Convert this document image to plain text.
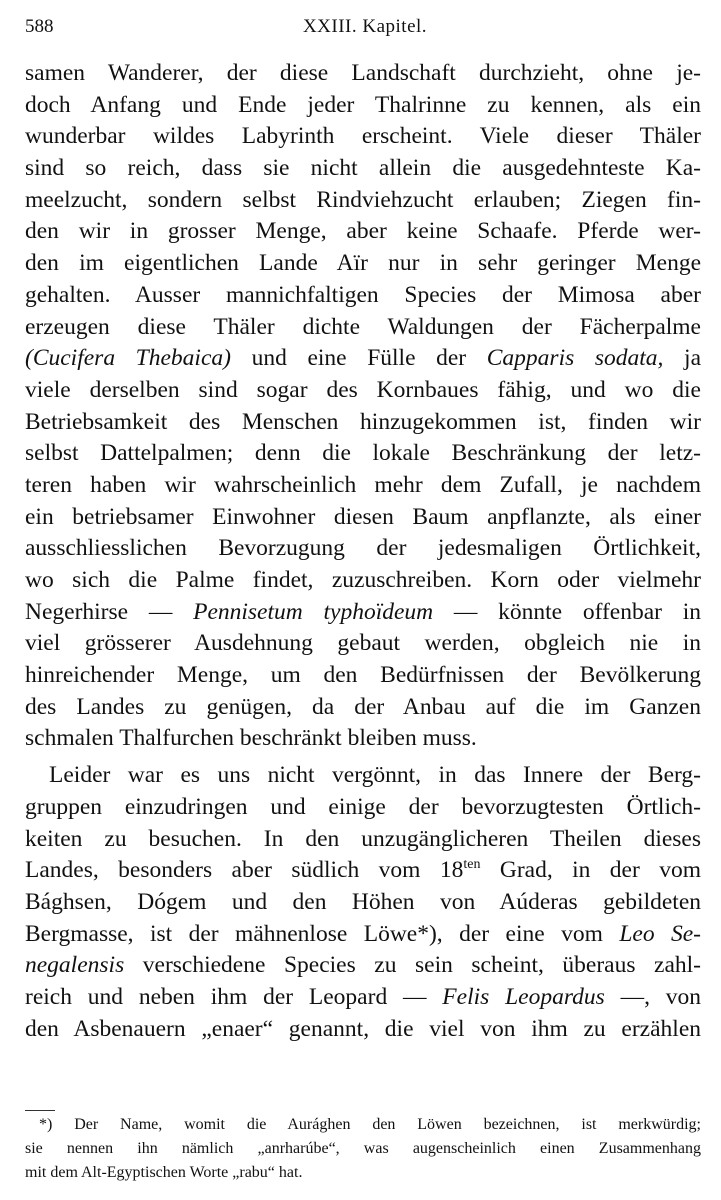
588	XXIII. Kapitel.

samen Wanderer, der diese Landschaft durchzieht, ohne je-
doch Anfang und Ende jeder Thalrinne zu kennen, als ein
wunderbar wildes Labyrinth erscheint. Viele dieser Thäler
sind so reich, dass sie nicht allein die ausgedehnteste Ka-
meelzucht, sondern selbst Rindviehzucht erlauben; Ziegen fin-
den wir in grosser Menge, aber keine Schaafe. Pferde wer-
den im eigentlichen Lande Aïr nur in sehr geringer Menge
gehalten. Ausser mannichfaltigen Species der Mimosa aber
erzeugen diese Thäler dichte Waldungen der Fächerpalme
(Cucifera Thebaica) und eine Fülle der Capparis sodata, ja
viele derselben sind sogar des Kornbaues fähig, und wo die
Betriebsamkeit des Menschen hinzugekommen ist, finden wir
selbst Dattelpalmen; denn die lokale Beschränkung der letz-
teren haben wir wahrscheinlich mehr dem Zufall, je nachdem
ein betriebsamer Einwohner diesen Baum anpflanzte, als einer
ausschliesslichen Bevorzugung der jedesmaligen Örtlichkeit,
wo sich die Palme findet, zuzuschreiben. Korn oder vielmehr
Negerhirse — Pennisetum typhoïdeum — könnte offenbar in
viel grösserer Ausdehnung gebaut werden, obgleich nie in
hinreichender Menge, um den Bedürfnissen der Bevölkerung
des Landes zu genügen, da der Anbau auf die im Ganzen
schmalen Thalfurchen beschränkt bleiben muss.

Leider war es uns nicht vergönnt, in das Innere der Berg-
gruppen einzudringen und einige der bevorzugtesten Örtlich-
keiten zu besuchen. In den unzugänglicheren Theilen dieses
Landes, besonders aber südlich vom $18^{ten}$ Grad, in der vom
Bághsen, Dógem und den Höhen von Aúderas gebildeten
Bergmasse, ist der mähnenlose Löwe*), der eine vom Leo Se-
negalensis verschiedene Species zu sein scheint, überaus zahl-
reich und neben ihm der Leopard — Felis Leopardus —, von
den Asbenauern „enaer“ genannt, die viel von ihm zu erzählen

*) Der Name, womit die Aurághen den Löwen bezeichnen, ist merkwürdig;
sie nennen ihn nämlich „anrharúbe“, was augenscheinlich einen Zusammenhang
mit dem Alt-Egyptischen Worte „rabu“ hat.
